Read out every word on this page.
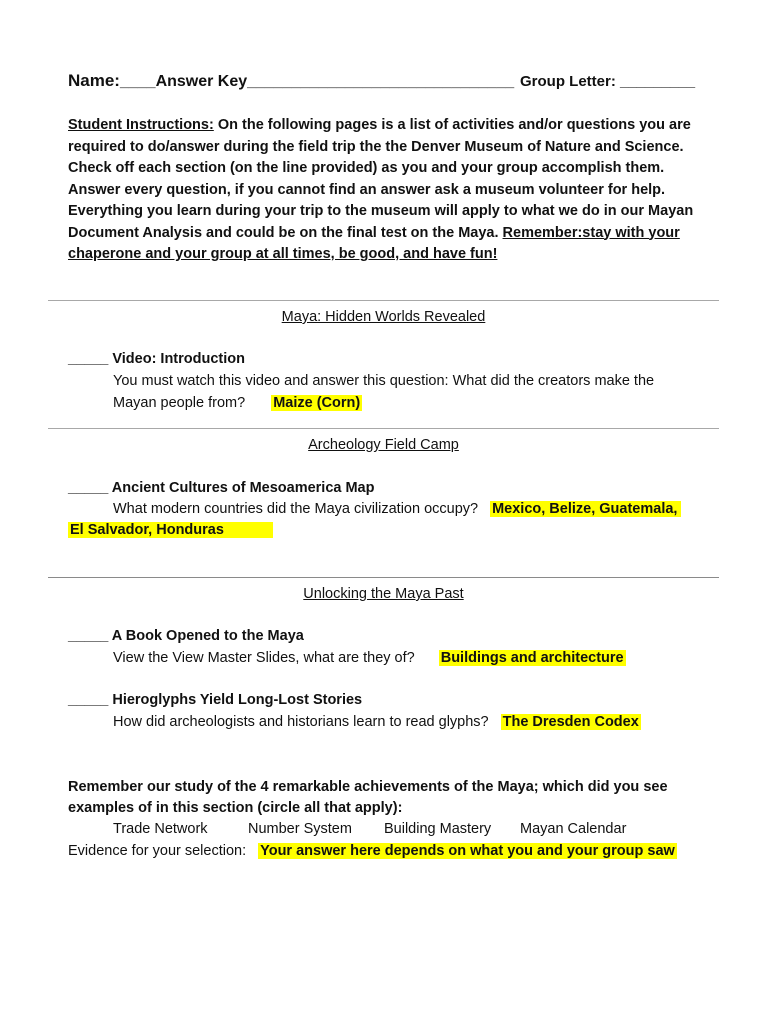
Name:____Answer Key______________________________ Group Letter: _________
Student Instructions: On the following pages is a list of activities and/or questions you are required to do/answer during the field trip the the Denver Museum of Nature and Science. Check off each section (on the line provided) as you and your group accomplish them. Answer every question, if you cannot find an answer ask a museum volunteer for help. Everything you learn during your trip to the museum will apply to what we do in our Mayan Document Analysis and could be on the final test on the Maya. Remember:stay with your chaperone and your group at all times, be good, and have fun!
Maya: Hidden Worlds Revealed
_____ Video: Introduction
You must watch this video and answer this question: What did the creators make the
Mayan people from? Maize (Corn)
Archeology Field Camp
_____ Ancient Cultures of Mesoamerica Map
What modern countries did the Maya civilization occupy? Mexico, Belize, Guatemala,
El Salvador, Honduras
Unlocking the Maya Past
_____ A Book Opened to the Maya
View the View Master Slides, what are they of? Buildings and architecture
_____ Hieroglyphs Yield Long-Lost Stories
How did archeologists and historians learn to read glyphs? The Dresden Codex
Remember our study of the 4 remarkable achievements of the Maya; which did you see
examples of in this section (circle all that apply):
Trade Network	Number System Building Mastery Mayan Calendar
Evidence for your selection: Your answer here depends on what you and your group saw
